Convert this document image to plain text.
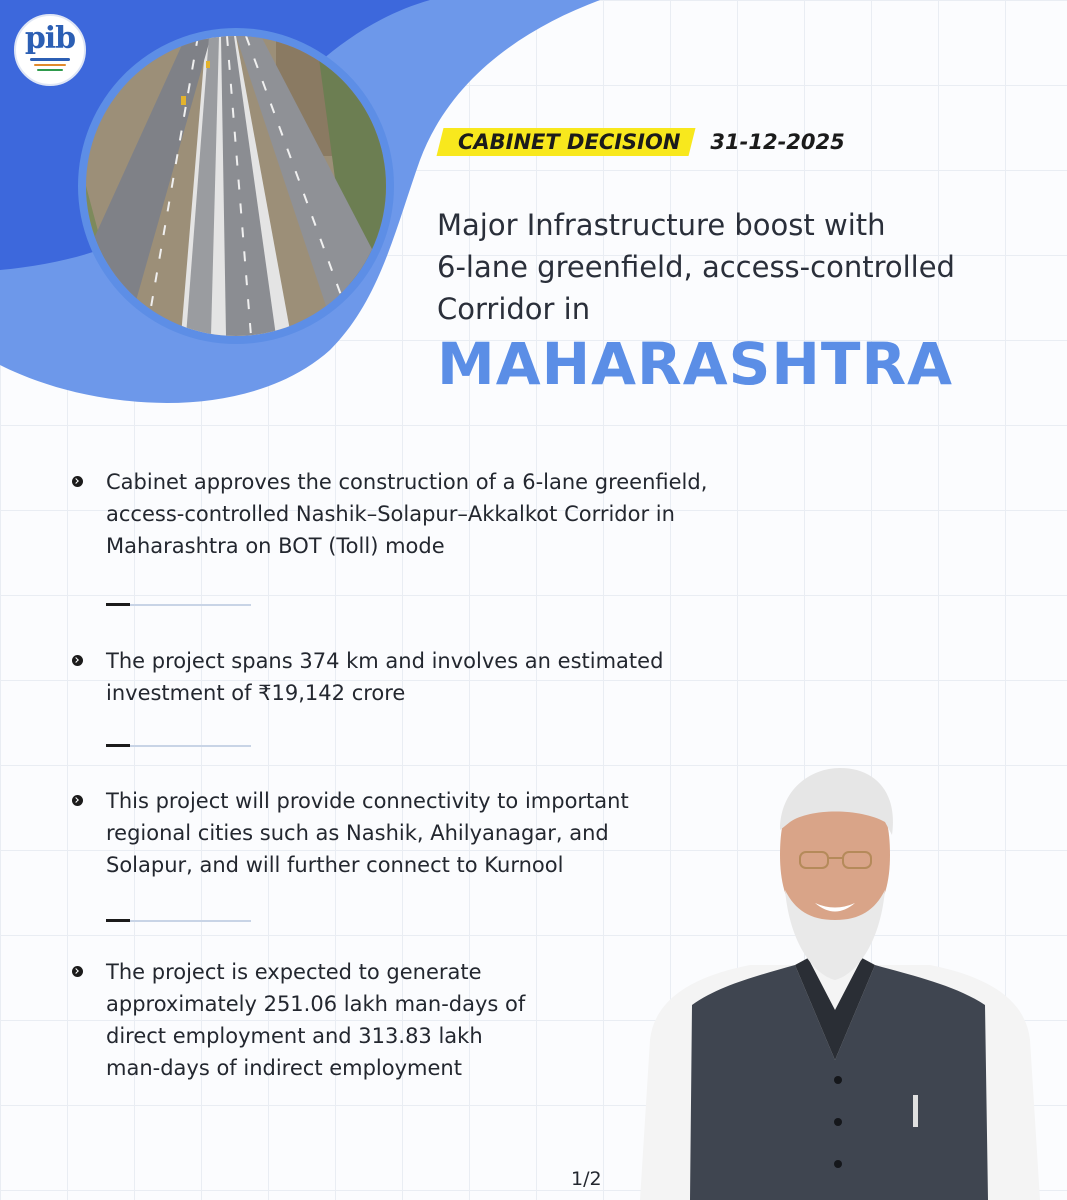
pib
CABINET DECISION	31-12-2025
Major Infrastructure boost with
6-lane greenfield, access-controlled
Corridor in
MAHARASHTRA
Cabinet approves the construction of a 6-lane greenfield,
access-controlled Nashik–Solapur–Akkalkot Corridor in
Maharashtra on BOT (Toll) mode
The project spans 374 km and involves an estimated
investment of ₹19,142 crore
This project will provide connectivity to important
regional cities such as Nashik, Ahilyanagar, and
Solapur, and will further connect to Kurnool
The project is expected to generate
approximately 251.06 lakh man-days of
direct employment and 313.83 lakh
man-days of indirect employment
1/2
